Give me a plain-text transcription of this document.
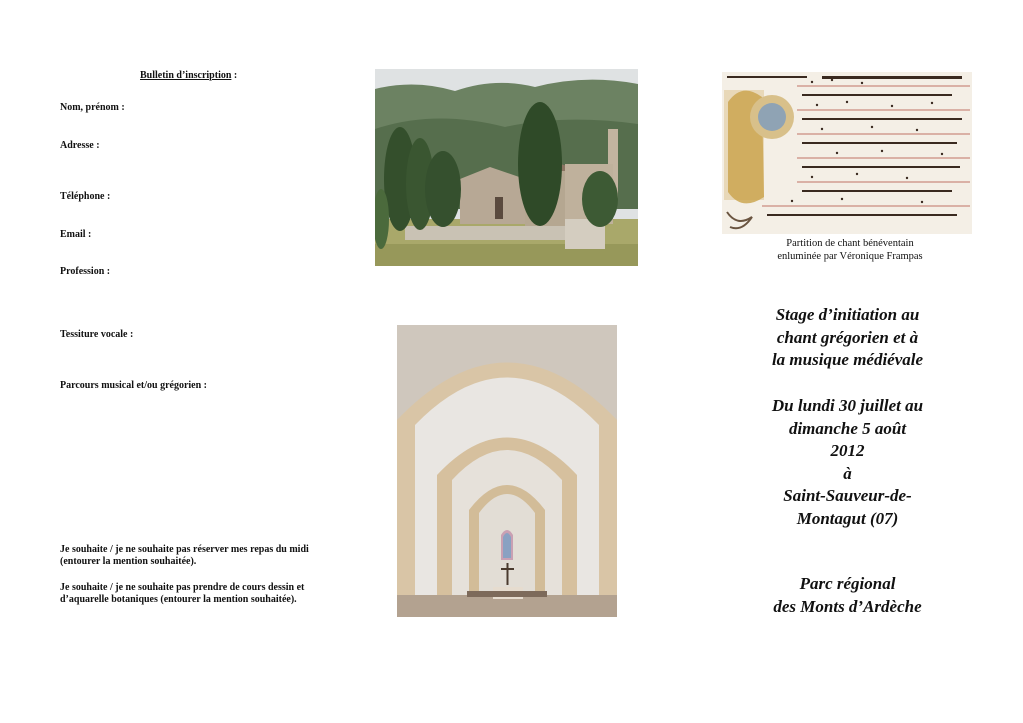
Bulletin d’inscription :
Nom, prénom :
Adresse :
Téléphone :
Email :
Profession :
Tessiture vocale :
Parcours musical et/ou grégorien :
Je souhaite / je ne souhaite pas réserver mes repas du midi (entourer la mention souhaitée).
Je souhaite / je ne souhaite pas prendre de cours dessin et d’aquarelle botaniques (entourer la mention souhaitée).
Partition de chant bénéventain
enluminée par Véronique Frampas
Stage d’initiation au
chant grégorien et à
la musique médiévale
Du lundi 30 juillet au
dimanche 5 août
2012
à
Saint-Sauveur-de-
Montagut (07)
Parc régional
des Monts d’Ardèche
